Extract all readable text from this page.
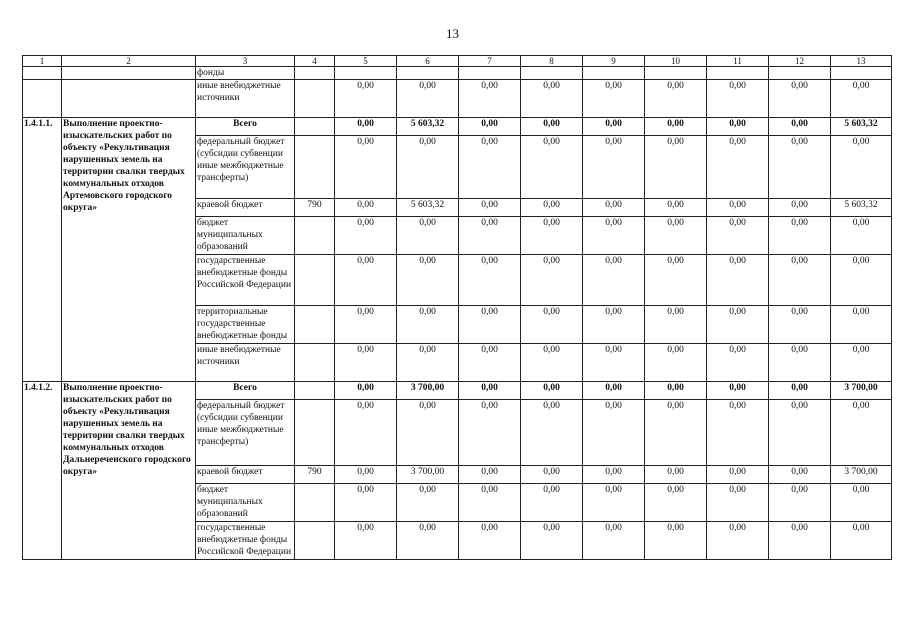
13
1	2	3	4	5	6	7	8	9	10	11	12	13
		фонды										
		иные внебюджетные источники		0,00	0,00	0,00	0,00	0,00	0,00	0,00	0,00	0,00
1.4.1.1.	Выполнение проектно-изыскательских работ по объекту «Рекультивация нарушенных земель на территории свалки твердых коммунальных отходов Артемовского городского округа»	Всего		0,00	5 603,32	0,00	0,00	0,00	0,00	0,00	0,00	5 603,32
		федеральный бюджет (субсидии субвенции иные межбюджетные трансферты)		0,00	0,00	0,00	0,00	0,00	0,00	0,00	0,00	0,00
		краевой бюджет	790	0,00	5 603,32	0,00	0,00	0,00	0,00	0,00	0,00	5 603,32
		бюджет муниципальных образований		0,00	0,00	0,00	0,00	0,00	0,00	0,00	0,00	0,00
		государственные внебюджетные фонды Российской Федерации		0,00	0,00	0,00	0,00	0,00	0,00	0,00	0,00	0,00
		территориальные государственные внебюджетные фонды		0,00	0,00	0,00	0,00	0,00	0,00	0,00	0,00	0,00
		иные внебюджетные источники		0,00	0,00	0,00	0,00	0,00	0,00	0,00	0,00	0,00
1.4.1.2.	Выполнение проектно-изыскательских работ по объекту «Рекультивация нарушенных земель на территории свалки твердых коммунальных отходов Дальнереченского городского округа»	Всего		0,00	3 700,00	0,00	0,00	0,00	0,00	0,00	0,00	3 700,00
		федеральный бюджет (субсидии субвенции иные межбюджетные трансферты)		0,00	0,00	0,00	0,00	0,00	0,00	0,00	0,00	0,00
		краевой бюджет	790	0,00	3 700,00	0,00	0,00	0,00	0,00	0,00	0,00	3 700,00
		бюджет муниципальных образований		0,00	0,00	0,00	0,00	0,00	0,00	0,00	0,00	0,00
		государственные внебюджетные фонды Российской Федерации		0,00	0,00	0,00	0,00	0,00	0,00	0,00	0,00	0,00
